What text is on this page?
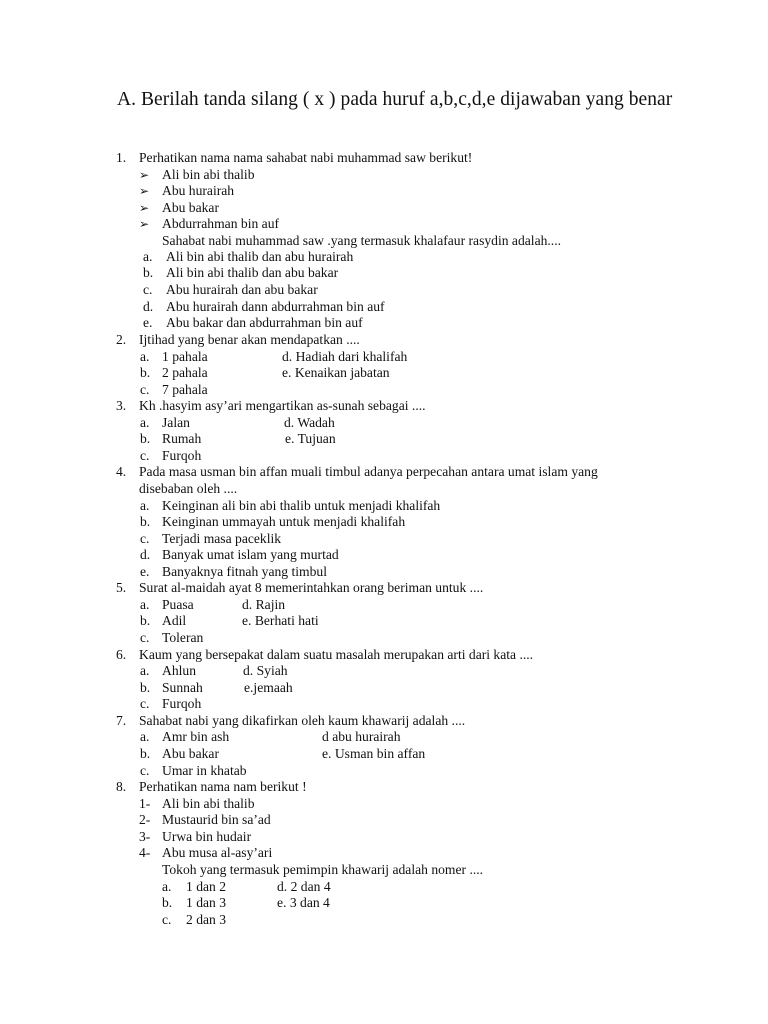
A. Berilah tanda silang ( x ) pada huruf a,b,c,d,e dijawaban yang benar
1. Perhatikan nama nama sahabat nabi muhammad saw berikut!
➢ Ali bin abi thalib
➢ Abu hurairah
➢ Abu bakar
➢ Abdurrahman bin auf
Sahabat nabi muhammad saw .yang termasuk khalafaur rasydin adalah....
a. Ali bin abi thalib dan abu hurairah
b. Ali bin abi thalib dan abu bakar
c. Abu hurairah dan abu bakar
d. Abu hurairah dann abdurrahman bin auf
e. Abu bakar dan abdurrahman bin auf
2. Ijtihad yang benar akan mendapatkan ....
a. 1 pahala	d. Hadiah dari khalifah
b. 2 pahala	e. Kenaikan jabatan
c. 7 pahala
3. Kh .hasyim asy’ari mengartikan as-sunah sebagai ....
a. Jalan	d. Wadah
b. Rumah	e. Tujuan
c. Furqoh
4. Pada masa usman bin affan muali timbul adanya perpecahan antara umat islam yang
disebaban oleh ....
a. Keinginan ali bin abi thalib untuk menjadi khalifah
b. Keinginan ummayah untuk menjadi khalifah
c. Terjadi masa paceklik
d. Banyak umat islam yang murtad
e. Banyaknya fitnah yang timbul
5. Surat al-maidah ayat 8 memerintahkan orang beriman untuk ....
a. Puasa	d. Rajin
b. Adil	e. Berhati hati
c. Toleran
6. Kaum yang bersepakat dalam suatu masalah merupakan arti dari kata ....
a. Ahlun	d. Syiah
b. Sunnah	e.jemaah
c. Furqoh
7. Sahabat nabi yang dikafirkan oleh kaum khawarij adalah ....
a. Amr bin ash	d abu hurairah
b. Abu bakar	e. Usman bin affan
c. Umar in khatab
8. Perhatikan nama nam berikut !
1- Ali bin abi thalib
2- Mustaurid bin sa’ad
3- Urwa bin hudair
4- Abu musa al-asy’ari
Tokoh yang termasuk pemimpin khawarij adalah nomer ....
a. 1 dan 2	d. 2 dan 4
b. 1 dan 3	e. 3 dan 4
c. 2 dan 3
